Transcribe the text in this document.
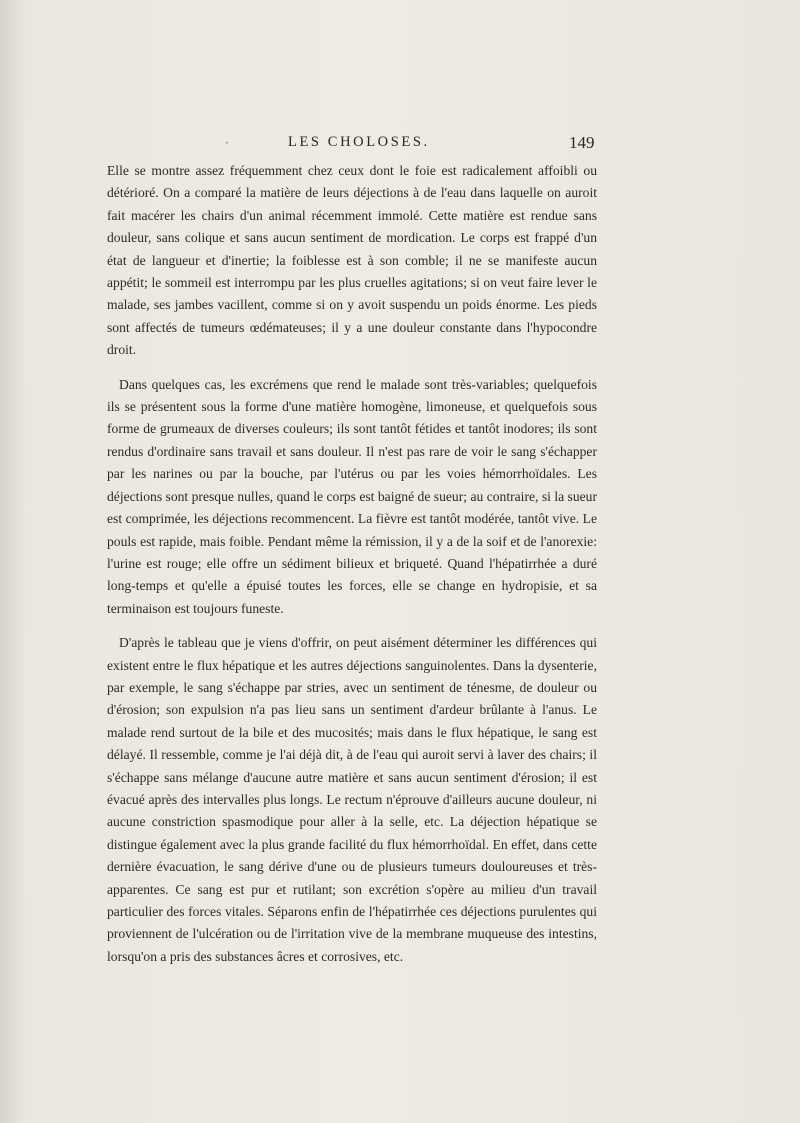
·	LES CHOLOSES.	149

Elle se montre assez fréquemment chez ceux dont le foie est radicalement affoibli ou détérioré. On a comparé la matière de leurs déjections à de l'eau dans laquelle on auroit fait macérer les chairs d'un animal récemment immolé. Cette matière est rendue sans douleur, sans colique et sans aucun sentiment de mordication. Le corps est frappé d'un état de langueur et d'inertie; la foiblesse est à son comble; il ne se manifeste aucun appétit; le sommeil est interrompu par les plus cruelles agitations; si on veut faire lever le malade, ses jambes vacillent, comme si on y avoit suspendu un poids énorme. Les pieds sont affectés de tumeurs œdémateuses; il y a une douleur constante dans l'hypocondre droit.

Dans quelques cas, les excrémens que rend le malade sont très-variables; quelquefois ils se présentent sous la forme d'une matière homogène, limoneuse, et quelquefois sous forme de grumeaux de diverses couleurs; ils sont tantôt fétides et tantôt inodores; ils sont rendus d'ordinaire sans travail et sans douleur. Il n'est pas rare de voir le sang s'échapper par les narines ou par la bouche, par l'utérus ou par les voies hémorrhoïdales. Les déjections sont presque nulles, quand le corps est baigné de sueur; au contraire, si la sueur est comprimée, les déjections recommencent. La fièvre est tantôt modérée, tantôt vive. Le pouls est rapide, mais foible. Pendant même la rémission, il y a de la soif et de l'anorexie: l'urine est rouge; elle offre un sédiment bilieux et briqueté. Quand l'hépatirrhée a duré long-temps et qu'elle a épuisé toutes les forces, elle se change en hydropisie, et sa terminaison est toujours funeste.

D'après le tableau que je viens d'offrir, on peut aisément déterminer les différences qui existent entre le flux hépatique et les autres déjections sanguinolentes. Dans la dysenterie, par exemple, le sang s'échappe par stries, avec un sentiment de ténesme, de douleur ou d'érosion; son expulsion n'a pas lieu sans un sentiment d'ardeur brûlante à l'anus. Le malade rend surtout de la bile et des mucosités; mais dans le flux hépatique, le sang est délayé. Il ressemble, comme je l'ai déjà dit, à de l'eau qui auroit servi à laver des chairs; il s'échappe sans mélange d'aucune autre matière et sans aucun sentiment d'érosion; il est évacué après des intervalles plus longs. Le rectum n'éprouve d'ailleurs aucune douleur, ni aucune constriction spasmodique pour aller à la selle, etc. La déjection hépatique se distingue également avec la plus grande facilité du flux hémorrhoïdal. En effet, dans cette dernière évacuation, le sang dérive d'une ou de plusieurs tumeurs douloureuses et très-apparentes. Ce sang est pur et rutilant; son excrétion s'opère au milieu d'un travail particulier des forces vitales. Séparons enfin de l'hépatirrhée ces déjections purulentes qui proviennent de l'ulcération ou de l'irritation vive de la membrane muqueuse des intestins, lorsqu'on a pris des substances âcres et corrosives, etc.
